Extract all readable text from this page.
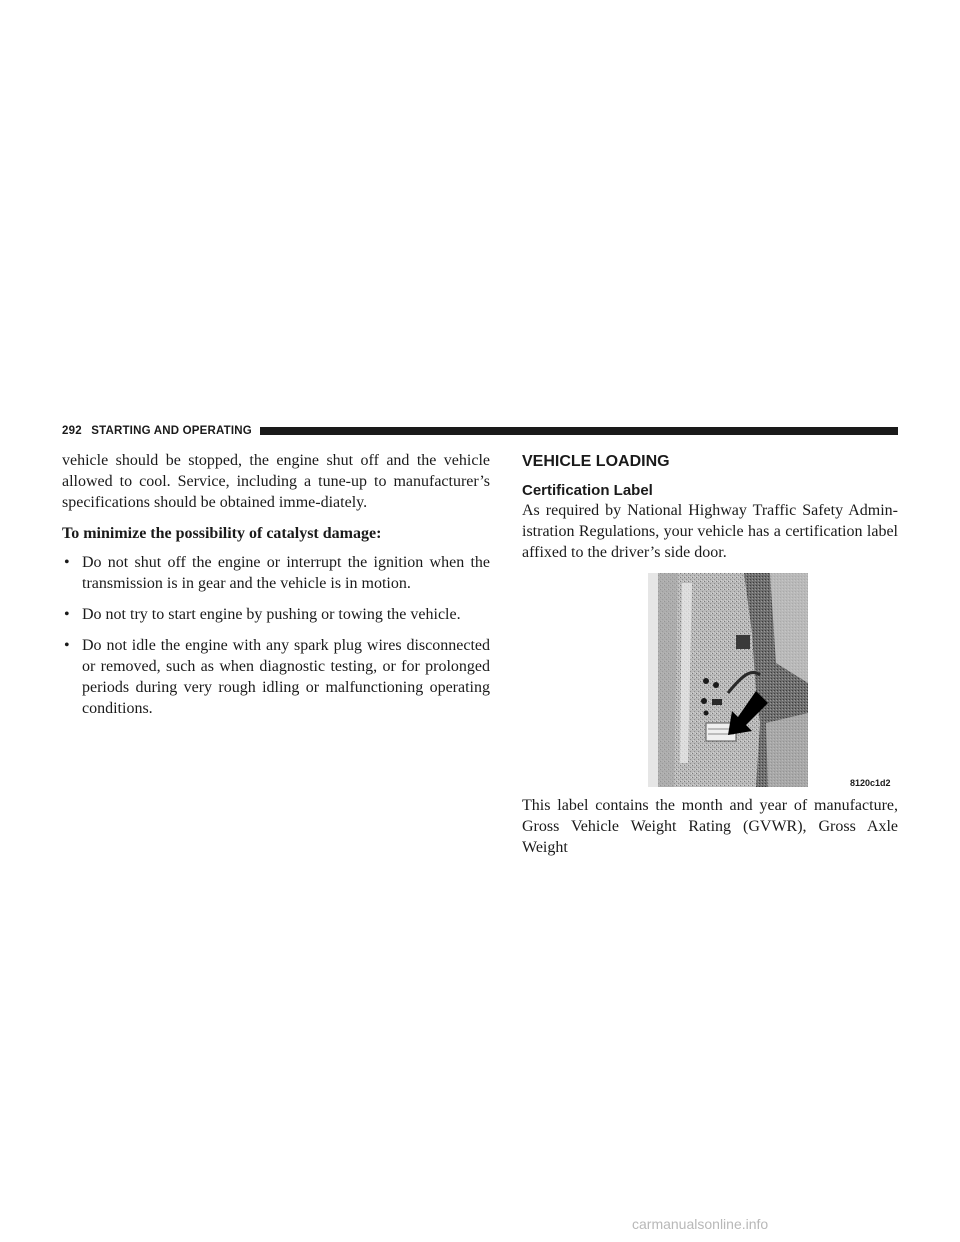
292 STARTING AND OPERATING

vehicle should be stopped, the engine shut off and the vehicle allowed to cool. Service, including a tune-up to manufacturer’s specifications should be obtained imme-diately.

To minimize the possibility of catalyst damage:

• Do not shut off the engine or interrupt the ignition when the transmission is in gear and the vehicle is in motion.
• Do not try to start engine by pushing or towing the vehicle.
• Do not idle the engine with any spark plug wires disconnected or removed, such as when diagnostic testing, or for prolonged periods during very rough idling or malfunctioning operating conditions.
VEHICLE LOADING
Certification Label

As required by National Highway Traffic Safety Admin-istration Regulations, your vehicle has a certification label affixed to the driver’s side door.

8120c1d2

This label contains the month and year of manufacture, Gross Vehicle Weight Rating (GVWR), Gross Axle Weight

carmanualsonline.info
